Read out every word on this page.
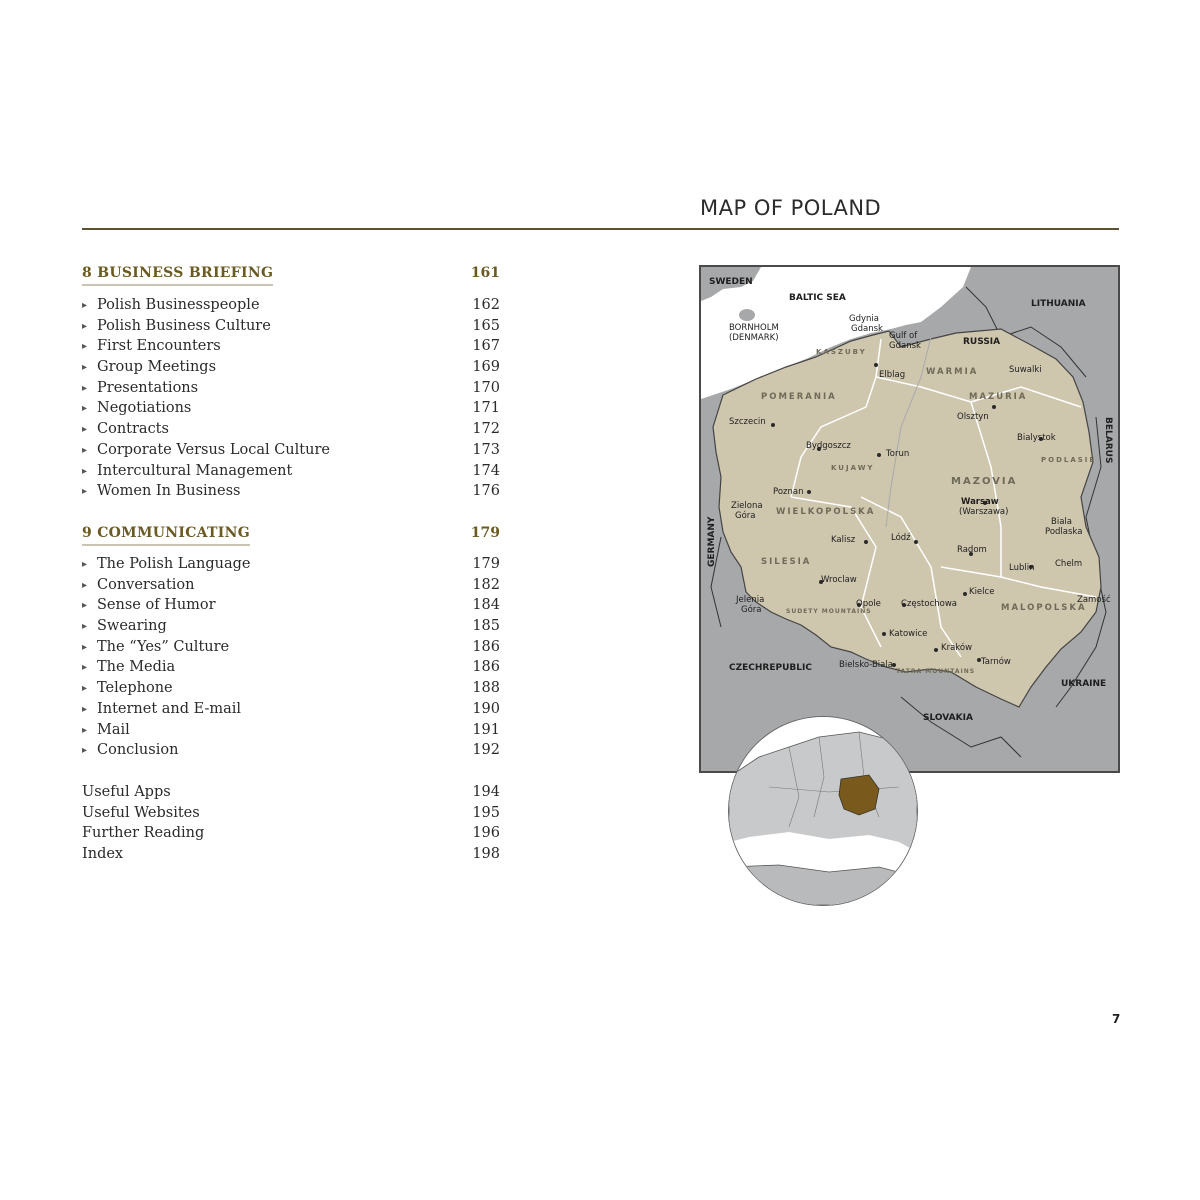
MAP OF POLAND
8 BUSINESS BRIEFING	161
▸ Polish Businesspeople	162
▸ Polish Business Culture	165
▸ First Encounters	167
▸ Group Meetings	169
▸ Presentations	170
▸ Negotiations	171
▸ Contracts	172
▸ Corporate Versus Local Culture	173
▸ Intercultural Management	174
▸ Women In Business	176
9 COMMUNICATING	179
▸ The Polish Language	179
▸ Conversation	182
▸ Sense of Humor	184
▸ Swearing	185
▸ The “Yes” Culture	186
▸ The Media	186
▸ Telephone	188
▸ Internet and E-mail	190
▸ Mail	191
▸ Conclusion	192
Useful Apps	194
Useful Websites	195
Further Reading	196
Index	198
SWEDEN
LITHUANIA
RUSSIA
BELARUS
GERMANY
CZECHREPUBLIC
SLOVAKIA
UKRAINE
BALTIC SEA
BORNHOLM
(DENMARK)	Gulf of
Gdansk
KASZUBY
POMERANIA
WARMIA
MAZURIA
KUJAWY
PODLASIE
MAZOVIA
WIELKOPOLSKA
SILESIA
MALOPOLSKA
SUDETY MOUNTAINS
TATRA MOUNTAINS
Gdynia
Gdansk
Elblag	Suwalki
Olsztyn
Szczecin
Bydgoszcz
Torun
Bialystok
Poznan
Zielona
Góra
Warsaw
(Warszawa)
Biala
Podlaska
Kalisz	Lódź
Radom
Lublin Chelm
Wroclaw
Jelenia
Góra
Opole Częstochowa
Kielce
Zamość
Katowice
Kraków
Tarnów
Bielsko-Biala
7
